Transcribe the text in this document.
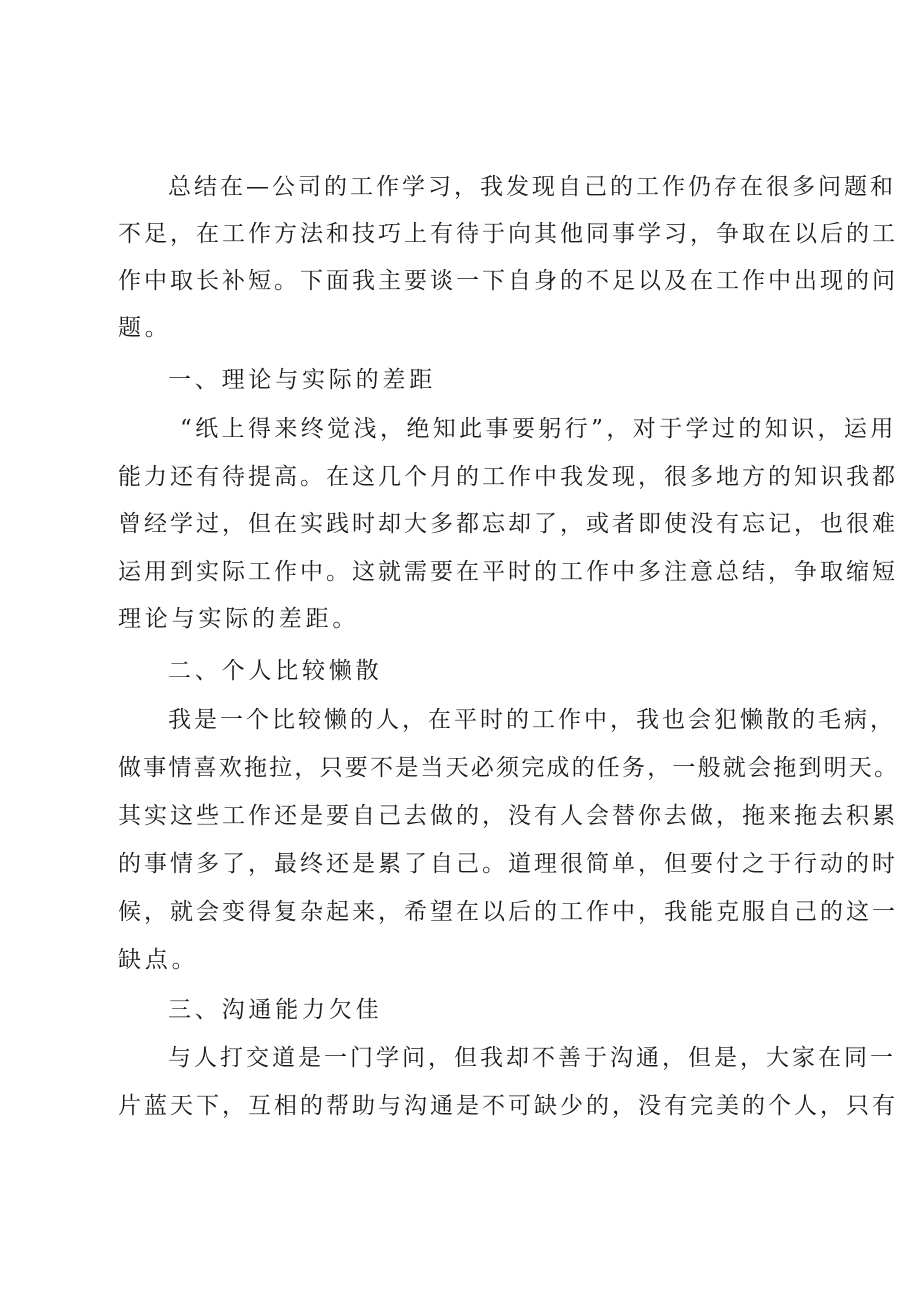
总结在—公司的工作学习，我发现自己的工作仍存在很多问题和

不足，在工作方法和技巧上有待于向其他同事学习，争取在以后的工

作中取长补短。下面我主要谈一下自身的不足以及在工作中出现的问

题。

一、理论与实际的差距

“纸上得来终觉浅，绝知此事要躬行”，对于学过的知识，运用

能力还有待提高。在这几个月的工作中我发现，很多地方的知识我都

曾经学过，但在实践时却大多都忘却了，或者即使没有忘记，也很难

运用到实际工作中。这就需要在平时的工作中多注意总结，争取缩短

理论与实际的差距。

二、个人比较懒散

我是一个比较懒的人，在平时的工作中，我也会犯懒散的毛病，

做事情喜欢拖拉，只要不是当天必须完成的任务，一般就会拖到明天。

其实这些工作还是要自己去做的，没有人会替你去做，拖来拖去积累

的事情多了，最终还是累了自己。道理很简单，但要付之于行动的时

候，就会变得复杂起来，希望在以后的工作中，我能克服自己的这一

缺点。

三、沟通能力欠佳

与人打交道是一门学问，但我却不善于沟通，但是，大家在同一

片蓝天下，互相的帮助与沟通是不可缺少的，没有完美的个人，只有
